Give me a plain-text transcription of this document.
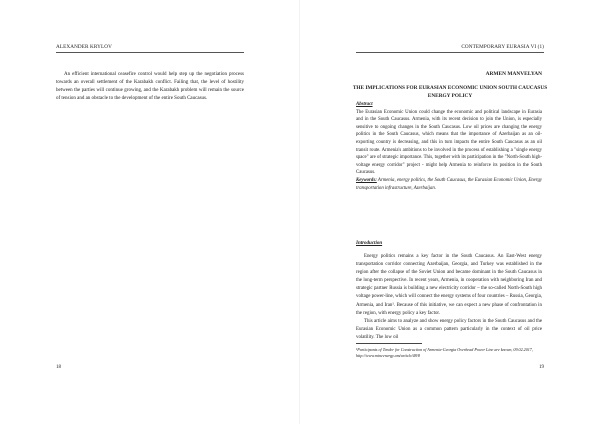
ALEXANDER KRYLOV

An efficient international ceasefire control would help step up the negotiation process towards an overall settlement of the Karabakh conflict. Failing that, the level of hostility between the parties will continue growing, and the Karabakh problem will remain the source of tension and an obstacle to the development of the entire South Caucasus.

18
CONTEMPORARY EURASIA VI (1)
ARMEN MANVELYAN
THE IMPLICATIONS FOR EURASIAN ECONOMIC UNION SOUTH CAUCASUS ENERGY POLICY
Abstract
The Eurasian Economic Union could change the economic and political landscape in Eurasia and in the South Caucasus. Armenia, with its recent decision to join the Union, is especially sensitive to ongoing changes in the South Caucasus. Low oil prices are changing the energy politics in the South Caucasus, which means that the importance of Azerbaijan as an oil-exporting country is decreasing, and this in turn impacts the entire South Caucasus as an oil transit route. Armenia's ambitions to be involved in the process of establishing a "single energy space" are of strategic importance. This, together with its participation in the "North-South high-voltage energy corridor" project - might help Armenia to reinforce its position in the South Caucasus.
Keywords: Armenia, energy politics, the South Caucasus, the Eurasian Economic Union, Energy transportation infrastructure, Azerbaijan.
Introduction

Energy politics remains a key factor in the South Caucasus. An East-West energy transportation corridor connecting Azerbaijan, Georgia, and Turkey was established in the region after the collapse of the Soviet Union and became dominant in the South Caucasus in the long-term perspective. In recent years, Armenia, in cooperation with neighboring Iran and strategic partner Russia is building a new electricity corridor – the so-called North-South high voltage power-line, which will connect the energy systems of four countries – Russia, Georgia, Armenia, and Iran¹. Because of this initiative, we can expect a new phase of confrontation in the region, with energy policy a key factor.

This article aims to analyze and show energy policy factors in the South Caucasus and the Eurasian Economic Union as a common pattern particularly in the context of oil price volatility. The low oil

¹Participants of Tender for Construction of Armenia-Georgia Overhead Power Line are known, 09.02.2017, http://www.mineenergy.am/article/48/8
19
